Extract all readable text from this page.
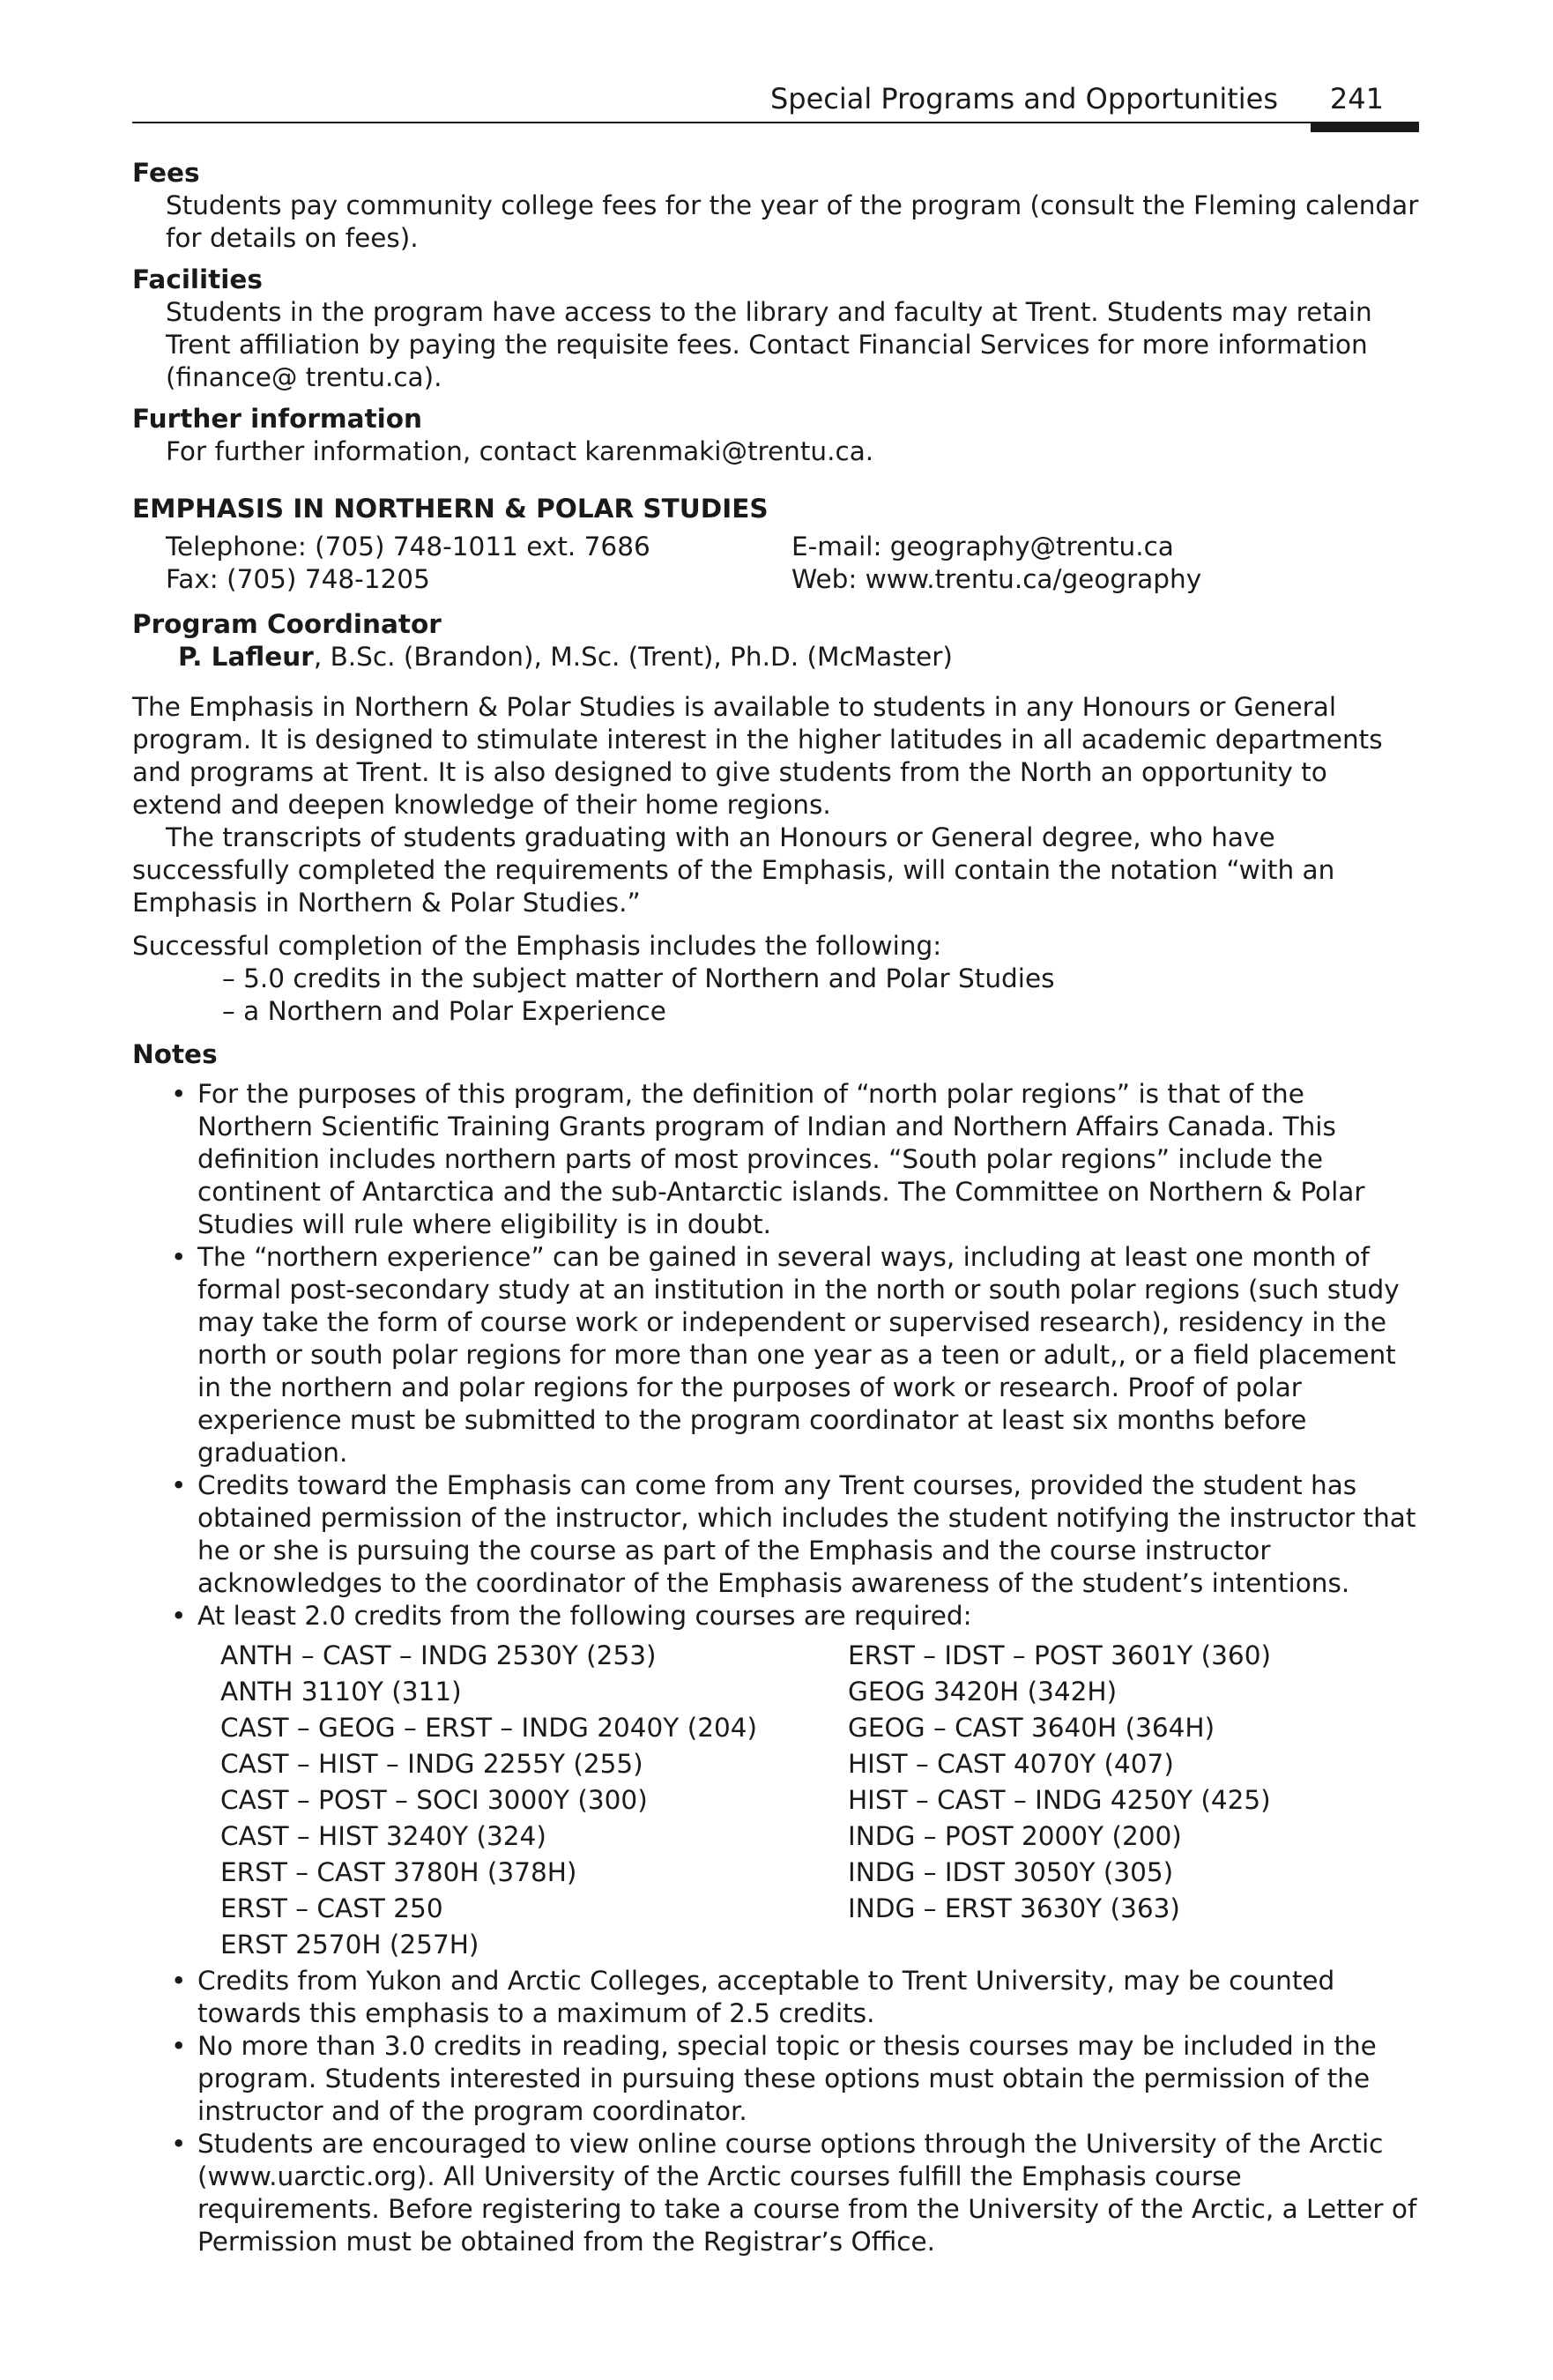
Special Programs and Opportunities 241

Fees

Students pay community college fees for the year of the program (consult the Fleming calendar for details on fees).

Facilities

Students in the program have access to the library and faculty at Trent. Students may retain Trent affiliation by paying the requisite fees. Contact Financial Services for more information (finance@ trentu.ca).

Further information

For further information, contact karenmaki@trentu.ca.

EMPHASIS IN NORTHERN & POLAR STUDIES

Telephone: (705) 748-1011 ext. 7686	E-mail: geography@trentu.ca
Fax: (705) 748-1205	Web: www.trentu.ca/geography

Program Coordinator

P. Lafleur, B.Sc. (Brandon), M.Sc. (Trent), Ph.D. (McMaster)

The Emphasis in Northern & Polar Studies is available to students in any Honours or General program. It is designed to stimulate interest in the higher latitudes in all academic departments and programs at Trent. It is also designed to give students from the North an opportunity to extend and deepen knowledge of their home regions.

The transcripts of students graduating with an Honours or General degree, who have successfully completed the requirements of the Emphasis, will contain the notation “with an Emphasis in Northern & Polar Studies.”

Successful completion of the Emphasis includes the following:

– 5.0 credits in the subject matter of Northern and Polar Studies

– a Northern and Polar Experience

Notes

• For the purposes of this program, the definition of “north polar regions” is that of the Northern Scientific Training Grants program of Indian and Northern Affairs Canada. This definition includes northern parts of most provinces. “South polar regions” include the continent of Antarctica and the sub-Antarctic islands. The Committee on Northern & Polar Studies will rule where eligibility is in doubt.
• The “northern experience” can be gained in several ways, including at least one month of formal post-secondary study at an institution in the north or south polar regions (such study may take the form of course work or independent or supervised research), residency in the north or south polar regions for more than one year as a teen or adult,, or a field placement in the northern and polar regions for the purposes of work or research. Proof of polar experience must be submitted to the program coordinator at least six months before graduation.
• Credits toward the Emphasis can come from any Trent courses, provided the student has obtained permission of the instructor, which includes the student notifying the instructor that he or she is pursuing the course as part of the Emphasis and the course instructor acknowledges to the coordinator of the Emphasis awareness of the student’s intentions.
• At least 2.0 credits from the following courses are required:
ANTH – CAST – INDG 2530Y (253)	ERST – IDST – POST 3601Y (360)
ANTH 3110Y (311)	GEOG 3420H (342H)
CAST – GEOG – ERST – INDG 2040Y (204)	GEOG – CAST 3640H (364H)
CAST – HIST – INDG 2255Y (255)	HIST – CAST 4070Y (407)
CAST – POST – SOCI 3000Y (300)	HIST – CAST – INDG 4250Y (425)
CAST – HIST 3240Y (324)	INDG – POST 2000Y (200)
ERST – CAST 3780H (378H)	INDG – IDST 3050Y (305)
ERST – CAST 250	INDG – ERST 3630Y (363)
ERST 2570H (257H)
• Credits from Yukon and Arctic Colleges, acceptable to Trent University, may be counted towards this emphasis to a maximum of 2.5 credits.
• No more than 3.0 credits in reading, special topic or thesis courses may be included in the program. Students interested in pursuing these options must obtain the permission of the instructor and of the program coordinator.
• Students are encouraged to view online course options through the University of the Arctic (www.uarctic.org). All University of the Arctic courses fulfill the Emphasis course requirements. Before registering to take a course from the University of the Arctic, a Letter of Permission must be obtained from the Registrar’s Office.
